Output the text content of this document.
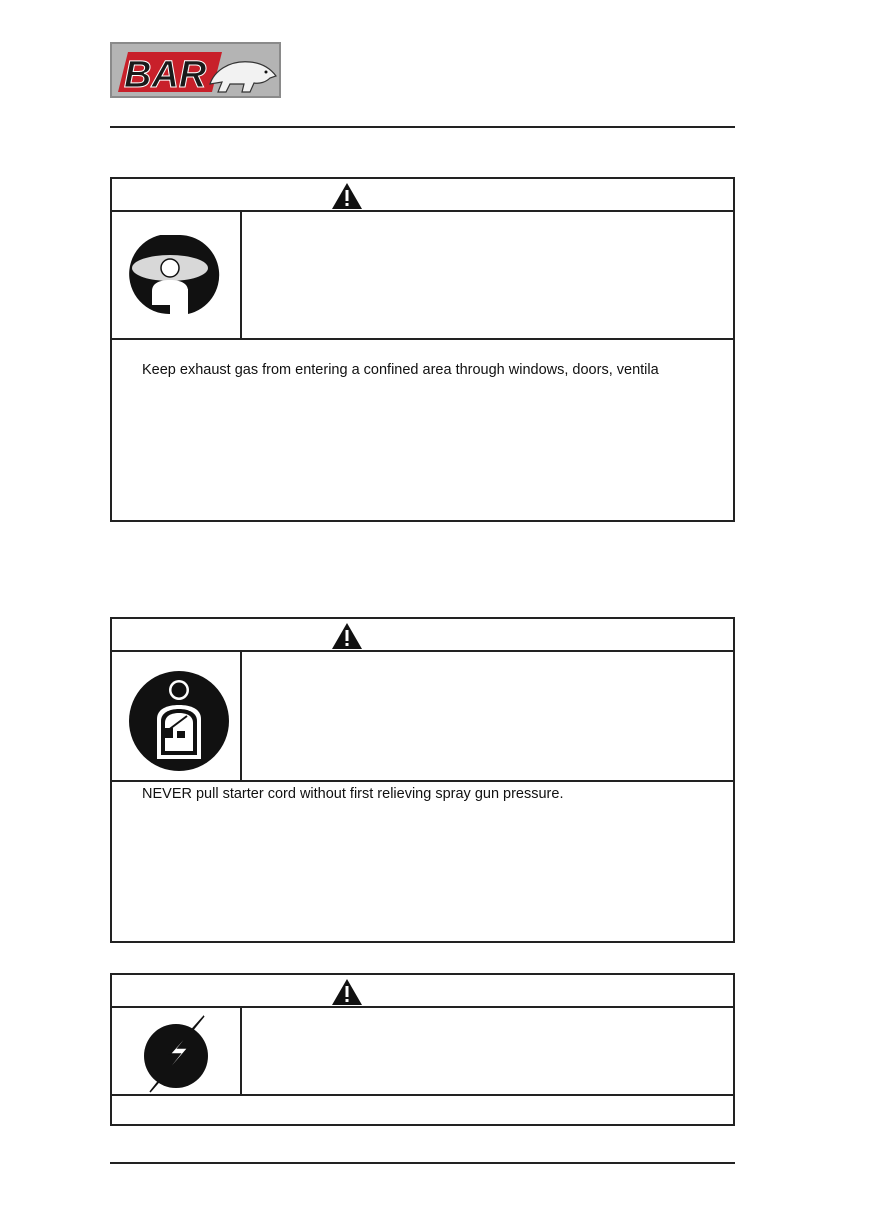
BAR
Keep exhaust gas from entering a confined area through windows, doors, ventila
NEVER pull starter cord without first relieving spray gun pressure.
